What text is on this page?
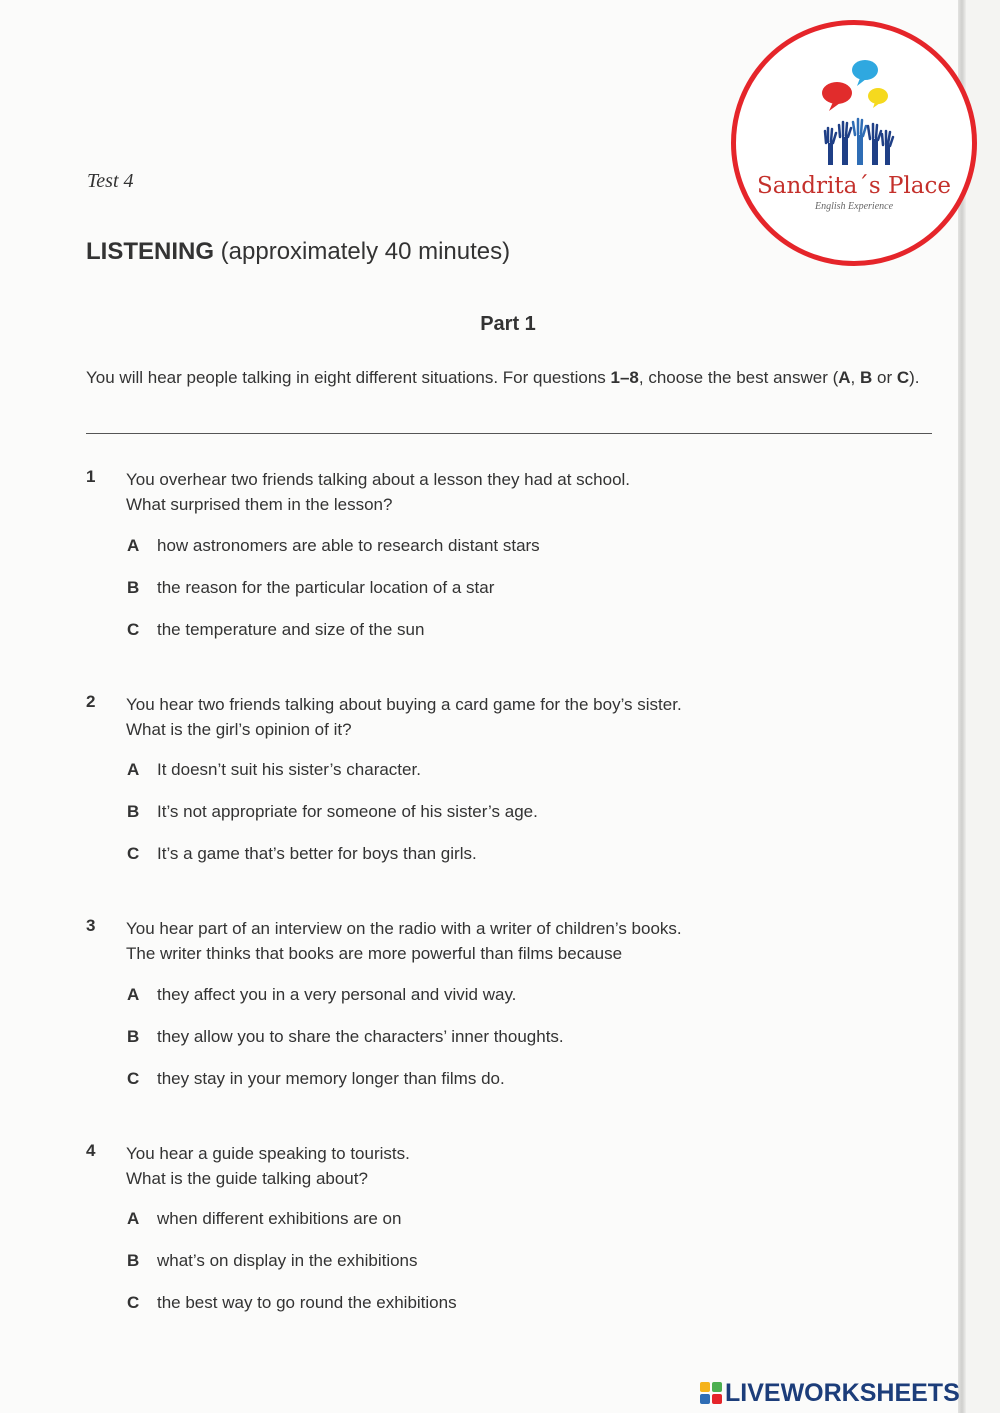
Test 4
LISTENING (approximately 40 minutes)
Part 1
You will hear people talking in eight different situations. For questions 1–8, choose the best answer (A, B or C).
1	You overhear two friends talking about a lesson they had at school.
What surprised them in the lesson?
A how astronomers are able to research distant stars
B the reason for the particular location of a star
C the temperature and size of the sun
2	You hear two friends talking about buying a card game for the boy’s sister.
What is the girl’s opinion of it?
A It doesn’t suit his sister’s character.
B It’s not appropriate for someone of his sister’s age.
C It’s a game that’s better for boys than girls.
3	You hear part of an interview on the radio with a writer of children’s books.
The writer thinks that books are more powerful than films because
A they affect you in a very personal and vivid way.
B they allow you to share the characters’ inner thoughts.
C they stay in your memory longer than films do.
4	You hear a guide speaking to tourists.
What is the guide talking about?
A when different exhibitions are on
B what’s on display in the exhibitions
C the best way to go round the exhibitions
Sandrita´s Place
English Experience
LIVEWORKSHEETS
